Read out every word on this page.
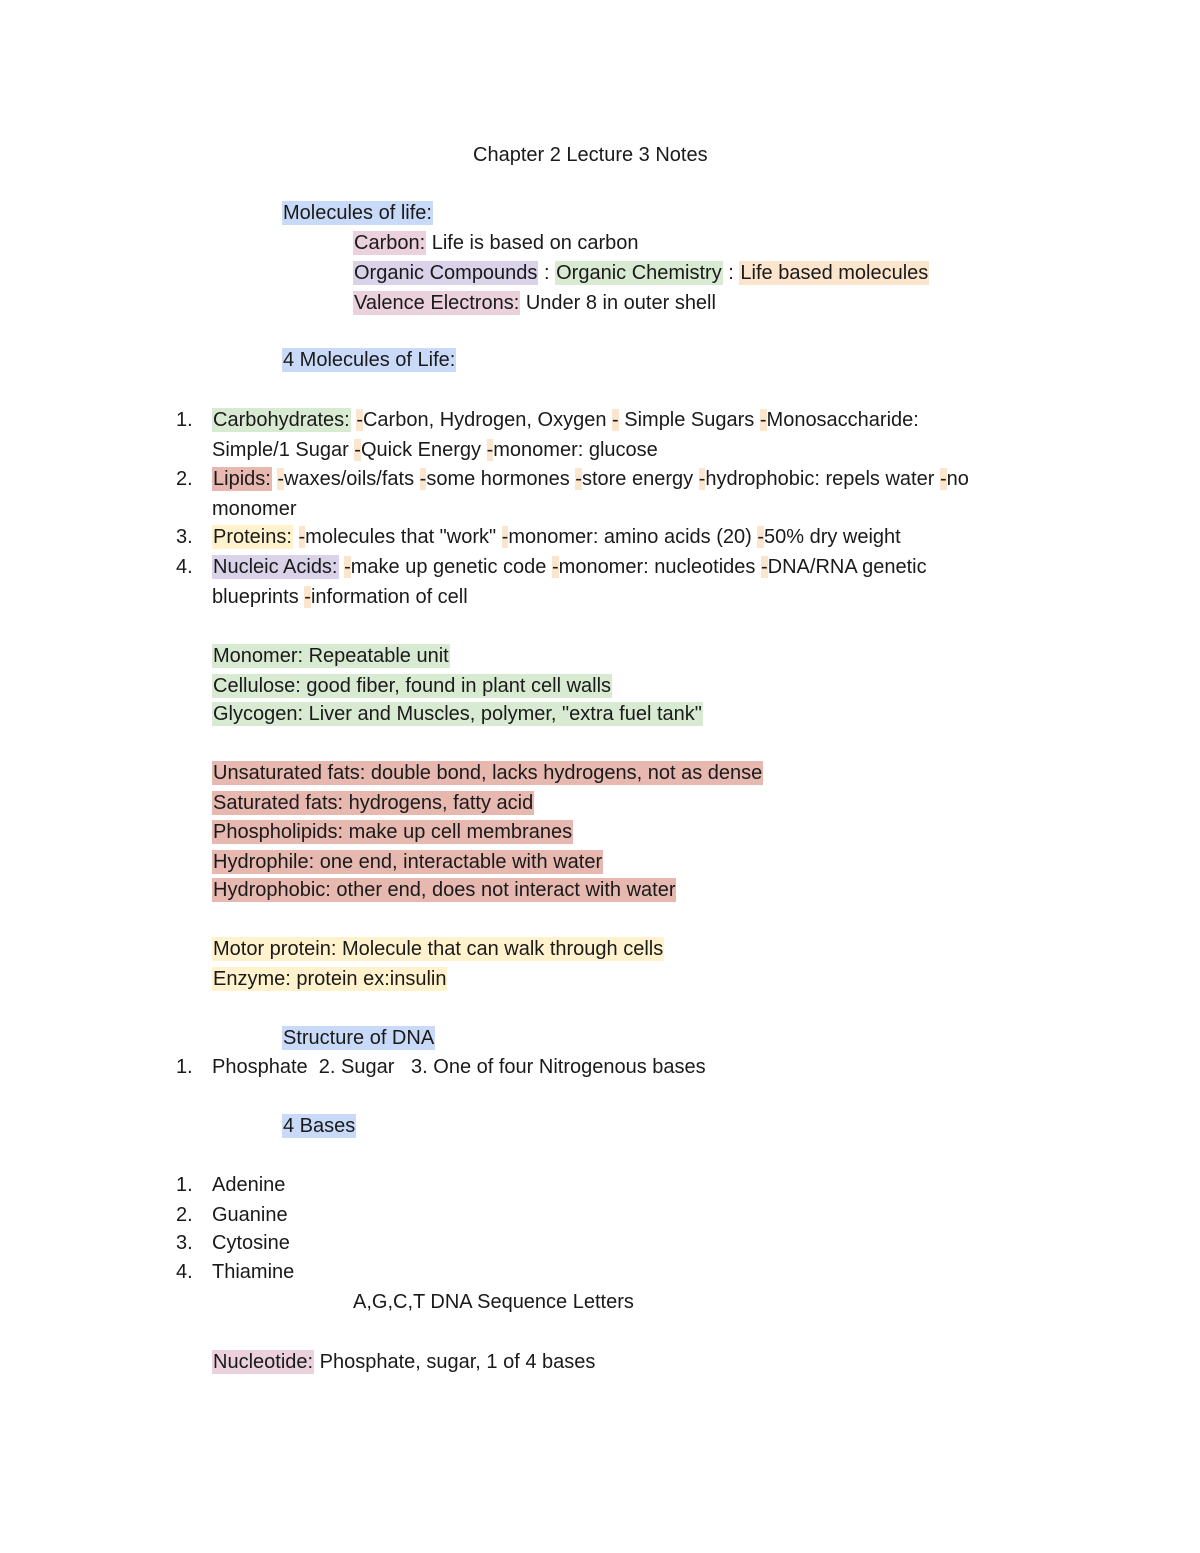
Chapter 2 Lecture 3 Notes
Molecules of life:
Carbon: Life is based on carbon
Organic Compounds : Organic Chemistry : Life based molecules
Valence Electrons: Under 8 in outer shell
4 Molecules of Life:
1. Carbohydrates: -Carbon, Hydrogen, Oxygen - Simple Sugars -Monosaccharide:
Simple/1 Sugar -Quick Energy -monomer: glucose
2. Lipids: -waxes/oils/fats -some hormones -store energy -hydrophobic: repels water -no
monomer
3. Proteins: -molecules that "work" -monomer: amino acids (20) -50% dry weight
4. Nucleic Acids: -make up genetic code -monomer: nucleotides -DNA/RNA genetic
blueprints -information of cell
Monomer: Repeatable unit
Cellulose: good fiber, found in plant cell walls
Glycogen: Liver and Muscles, polymer, "extra fuel tank"
Unsaturated fats: double bond, lacks hydrogens, not as dense
Saturated fats: hydrogens, fatty acid
Phospholipids: make up cell membranes
Hydrophile: one end, interactable with water
Hydrophobic: other end, does not interact with water
Motor protein: Molecule that can walk through cells
Enzyme: protein ex:insulin
Structure of DNA
1. Phosphate  2. Sugar   3. One of four Nitrogenous bases
4 Bases
1. Adenine
2. Guanine
3. Cytosine
4. Thiamine
A,G,C,T DNA Sequence Letters
Nucleotide: Phosphate, sugar, 1 of 4 bases
